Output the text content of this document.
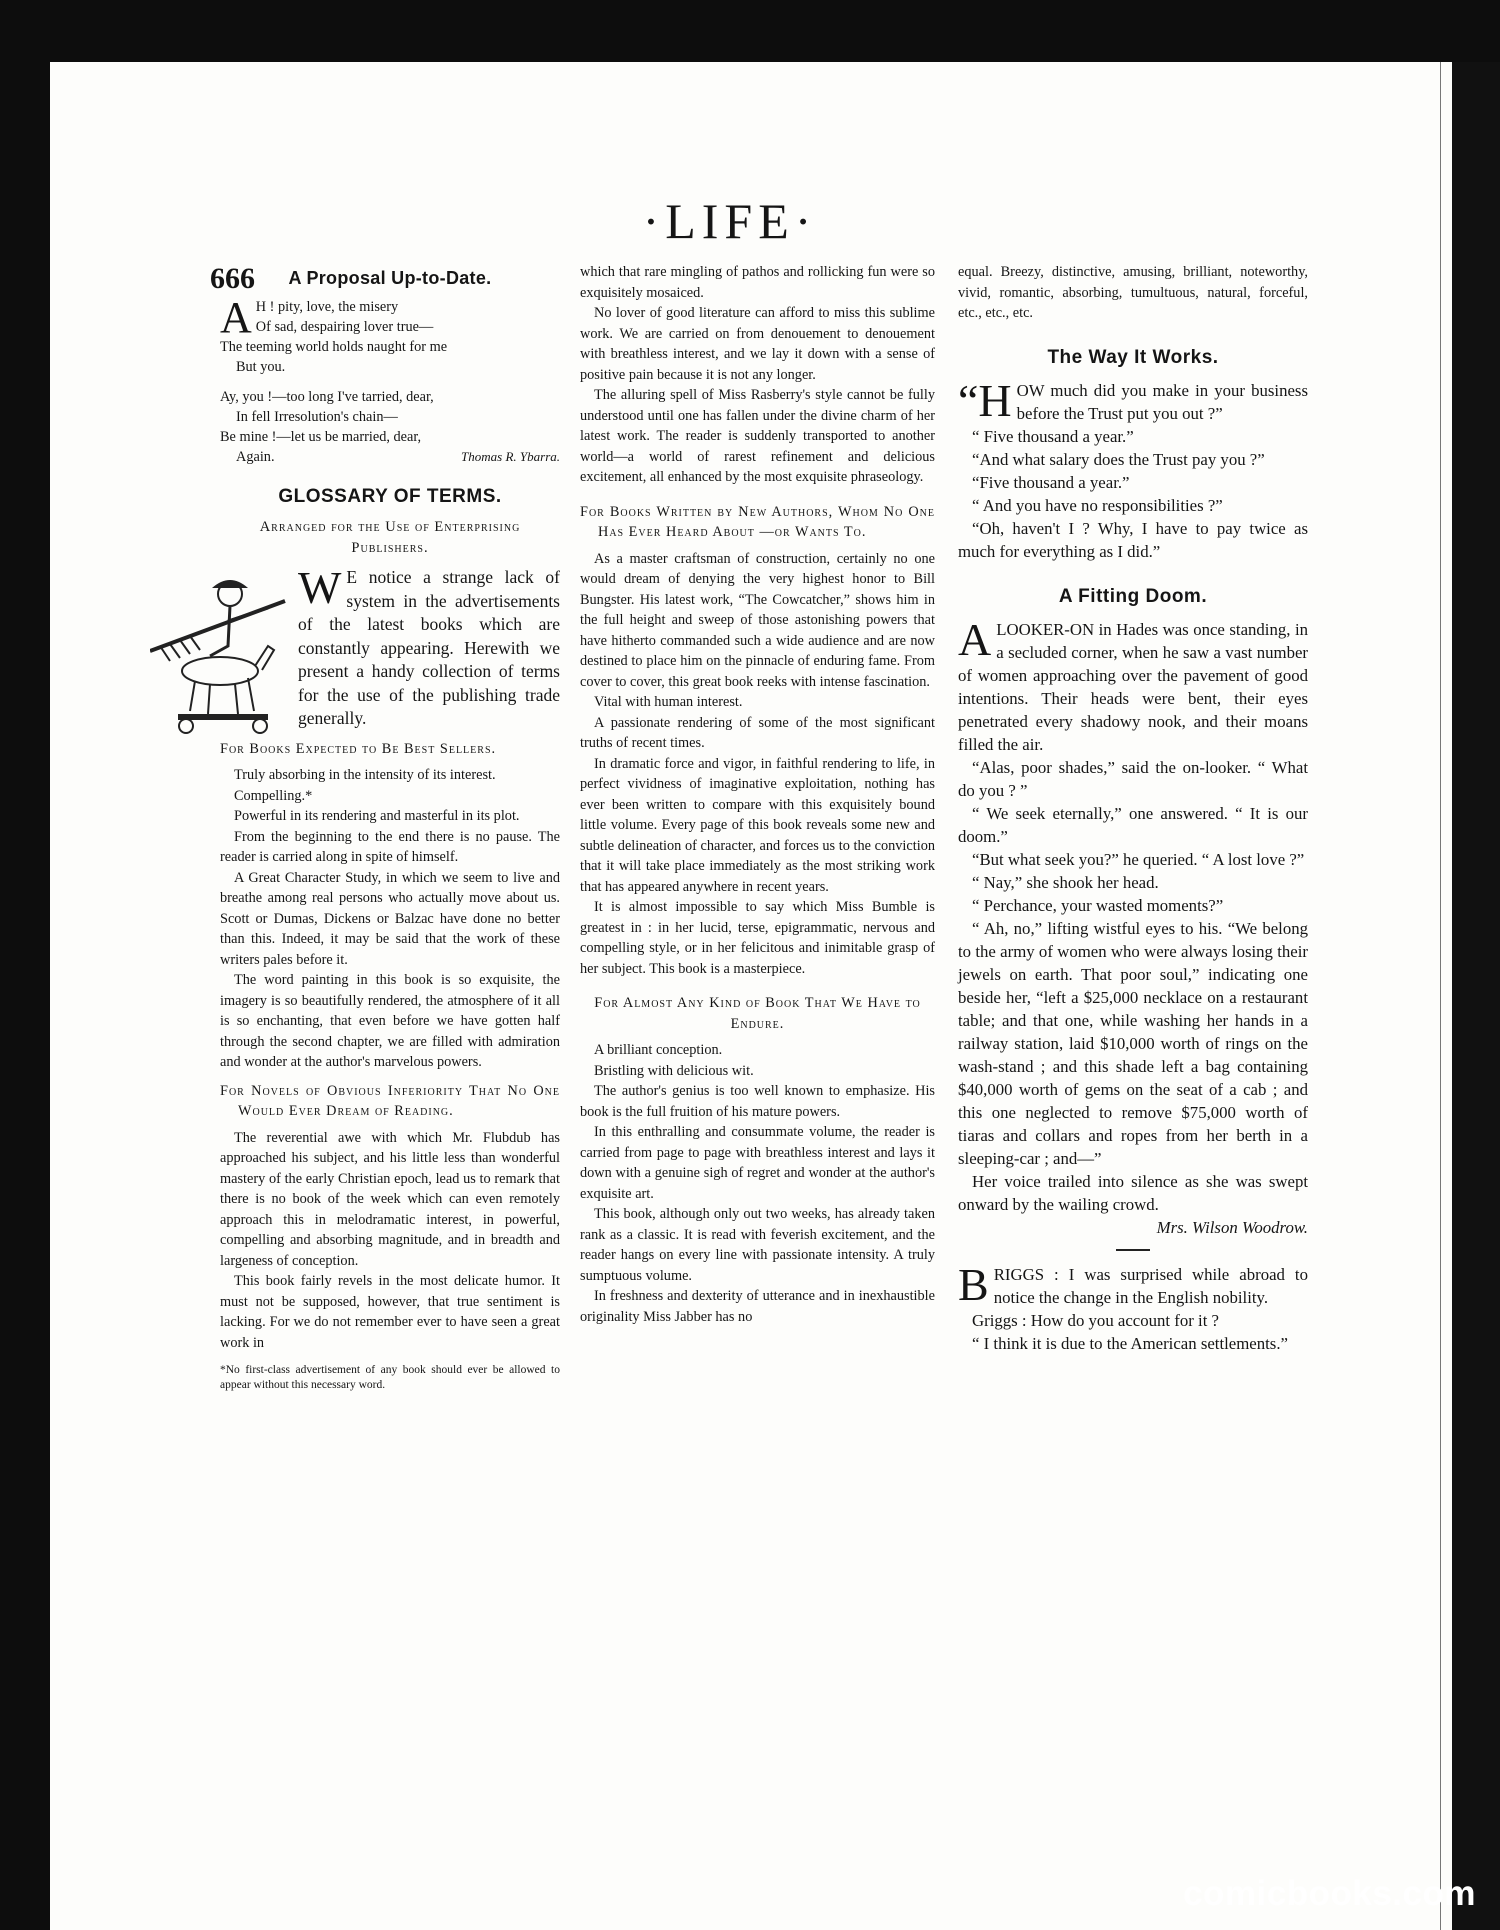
666
·LIFE·
A Proposal Up-to-Date.
A H ! pity, love, the misery
Of sad, despairing lover true—
The teeming world holds naught for me
But you.
Ay, you !—too long I've tarried, dear,
In fell Irresolution's chain—
Be mine !—let us be married, dear,
Again.	Thomas R. Ybarra.
GLOSSARY OF TERMS.
Arranged for the Use of Enterprising Publishers.
W E notice a strange lack of system in the advertisements of the latest books which are constantly appearing. Herewith we present a handy collection of terms for the use of the publishing trade generally.

For Books Expected to Be Best Sellers.

Truly absorbing in the intensity of its interest.

Compelling.*

Powerful in its rendering and masterful in its plot.

From the beginning to the end there is no pause. The reader is carried along in spite of himself.

A Great Character Study, in which we seem to live and breathe among real persons who actually move about us. Scott or Dumas, Dickens or Balzac have done no better than this. Indeed, it may be said that the work of these writers pales before it.

The word painting in this book is so exquisite, the imagery is so beautifully rendered, the atmosphere of it all is so enchanting, that even before we have gotten half through the second chapter, we are filled with admiration and wonder at the author's marvelous powers.

For Novels of Obvious Inferiority That No One Would Ever Dream of Reading.

The reverential awe with which Mr. Flubdub has approached his subject, and his little less than wonderful mastery of the early Christian epoch, lead us to remark that there is no book of the week which can even remotely approach this in melodramatic interest, in powerful, compelling and absorbing magnitude, and in breadth and largeness of conception.

This book fairly revels in the most delicate humor. It must not be supposed, however, that true sentiment is lacking. For we do not remember ever to have seen a great work in

*No first-class advertisement of any book should ever be allowed to appear without this necessary word.

which that rare mingling of pathos and rollicking fun were so exquisitely mosaiced.

No lover of good literature can afford to miss this sublime work. We are carried on from denouement to denouement with breathless interest, and we lay it down with a sense of positive pain because it is not any longer.

The alluring spell of Miss Rasberry's style cannot be fully understood until one has fallen under the divine charm of her latest work. The reader is suddenly transported to another world—a world of rarest refinement and delicious excitement, all enhanced by the most exquisite phraseology.

For Books Written by New Authors, Whom No One Has Ever Heard About —or Wants To.

As a master craftsman of construction, certainly no one would dream of denying the very highest honor to Bill Bungster. His latest work, “The Cowcatcher,” shows him in the full height and sweep of those astonishing powers that have hitherto commanded such a wide audience and are now destined to place him on the pinnacle of enduring fame. From cover to cover, this great book reeks with intense fascination.

Vital with human interest.

A passionate rendering of some of the most significant truths of recent times.

In dramatic force and vigor, in faithful rendering to life, in perfect vividness of imaginative exploitation, nothing has ever been written to compare with this exquisitely bound little volume. Every page of this book reveals some new and subtle delineation of character, and forces us to the conviction that it will take place immediately as the most striking work that has appeared anywhere in recent years.

It is almost impossible to say which Miss Bumble is greatest in : in her lucid, terse, epigrammatic, nervous and compelling style, or in her felicitous and inimitable grasp of her subject. This book is a masterpiece.

For Almost Any Kind of Book That We Have to Endure.

A brilliant conception.

Bristling with delicious wit.

The author's genius is too well known to emphasize. His book is the full fruition of his mature powers.

In this enthralling and consummate volume, the reader is carried from page to page with breathless interest and lays it down with a genuine sigh of regret and wonder at the author's exquisite art.

This book, although only out two weeks, has already taken rank as a classic. It is read with feverish excitement, and the reader hangs on every line with passionate intensity. A truly sumptuous volume.

In freshness and dexterity of utterance and in inexhaustible originality Miss Jabber has no

equal. Breezy, distinctive, amusing, brilliant, noteworthy, vivid, romantic, absorbing, tumultuous, natural, forceful, etc., etc., etc.

The Way It Works.

“H OW much did you make in your business before the Trust put you out ?”

“ Five thousand a year.”

“And what salary does the Trust pay you ?”

“Five thousand a year.”

“ And you have no responsibilities ?”

“Oh, haven't I ? Why, I have to pay twice as much for everything as I did.”

A Fitting Doom.

A LOOKER-ON in Hades was once standing, in a secluded corner, when he saw a vast number of women approaching over the pavement of good intentions. Their heads were bent, their eyes penetrated every shadowy nook, and their moans filled the air.

“Alas, poor shades,” said the on-looker. “ What do you ? ”

“ We seek eternally,” one answered. “ It is our doom.”

“But what seek you?” he queried. “ A lost love ?”

“ Nay,” she shook her head.

“ Perchance, your wasted moments?”

“ Ah, no,” lifting wistful eyes to his. “We belong to the army of women who were always losing their jewels on earth. That poor soul,” indicating one beside her, “left a $25,000 necklace on a restaurant table; and that one, while washing her hands in a railway station, laid $10,000 worth of rings on the wash-stand ; and this shade left a bag containing $40,000 worth of gems on the seat of a cab ; and this one neglected to remove $75,000 worth of tiaras and collars and ropes from her berth in a sleeping-car ; and—”

Her voice trailed into silence as she was swept onward by the wailing crowd.

Mrs. Wilson Woodrow.

B RIGGS : I was surprised while abroad to notice the change in the English nobility.

Griggs : How do you account for it ?

“ I think it is due to the American settlements.”

comicbooks.com
